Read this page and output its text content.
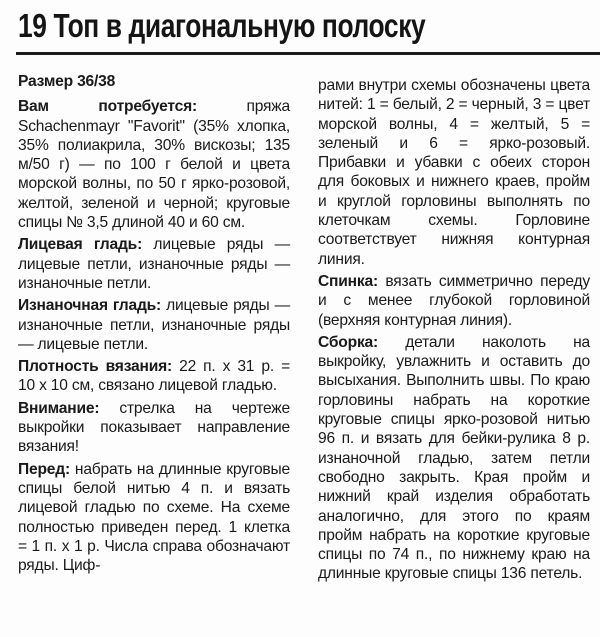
19 Топ в диагональную полоску

Размер 36/38

Вам потребуется: пряжа Schachenmayr "Favorit" (35% хлопка, 35% полиакрила, 30% вискозы; 135 м/50 г) — по 100 г белой и цвета морской волны, по 50 г ярко-розовой, желтой, зеленой и черной; круговые спицы № 3,5 длиной 40 и 60 см.

Лицевая гладь: лицевые ряды — лицевые петли, изнаночные ряды — изнаночные петли.

Изнаночная гладь: лицевые ряды — изнаночные петли, изнаночные ряды — лицевые петли.

Плотность вязания: 22 п. х 31 р. = 10 х 10 см, связано лицевой гладью.

Внимание: стрелка на чертеже выкройки показывает направление вязания!

Перед: набрать на длинные круговые спицы белой нитью 4 п. и вязать лицевой гладью по схеме. На схеме полностью приведен перед. 1 клетка = 1 п. х 1 р. Числа справа обозначают ряды. Циф-

рами внутри схемы обозначены цвета нитей: 1 = белый, 2 = черный, 3 = цвет морской волны, 4 = желтый, 5 = зеленый и 6 = ярко-розовый. Прибавки и убавки с обеих сторон для боковых и нижнего краев, пройм и круглой горловины выполнять по клеточкам схемы. Горловине соответствует нижняя контурная линия.

Спинка: вязать симметрично переду и с менее глубокой горловиной (верхняя контурная линия).

Сборка: детали наколоть на выкройку, увлажнить и оставить до высыхания. Выполнить швы. По краю горловины набрать на короткие круговые спицы ярко-розовой нитью 96 п. и вязать для бейки-рулика 8 р. изнаночной гладью, затем петли свободно закрыть. Края пройм и нижний край изделия обработать аналогично, для этого по краям пройм набрать на короткие круговые спицы по 74 п., по нижнему краю на длинные круговые спицы 136 петель.
